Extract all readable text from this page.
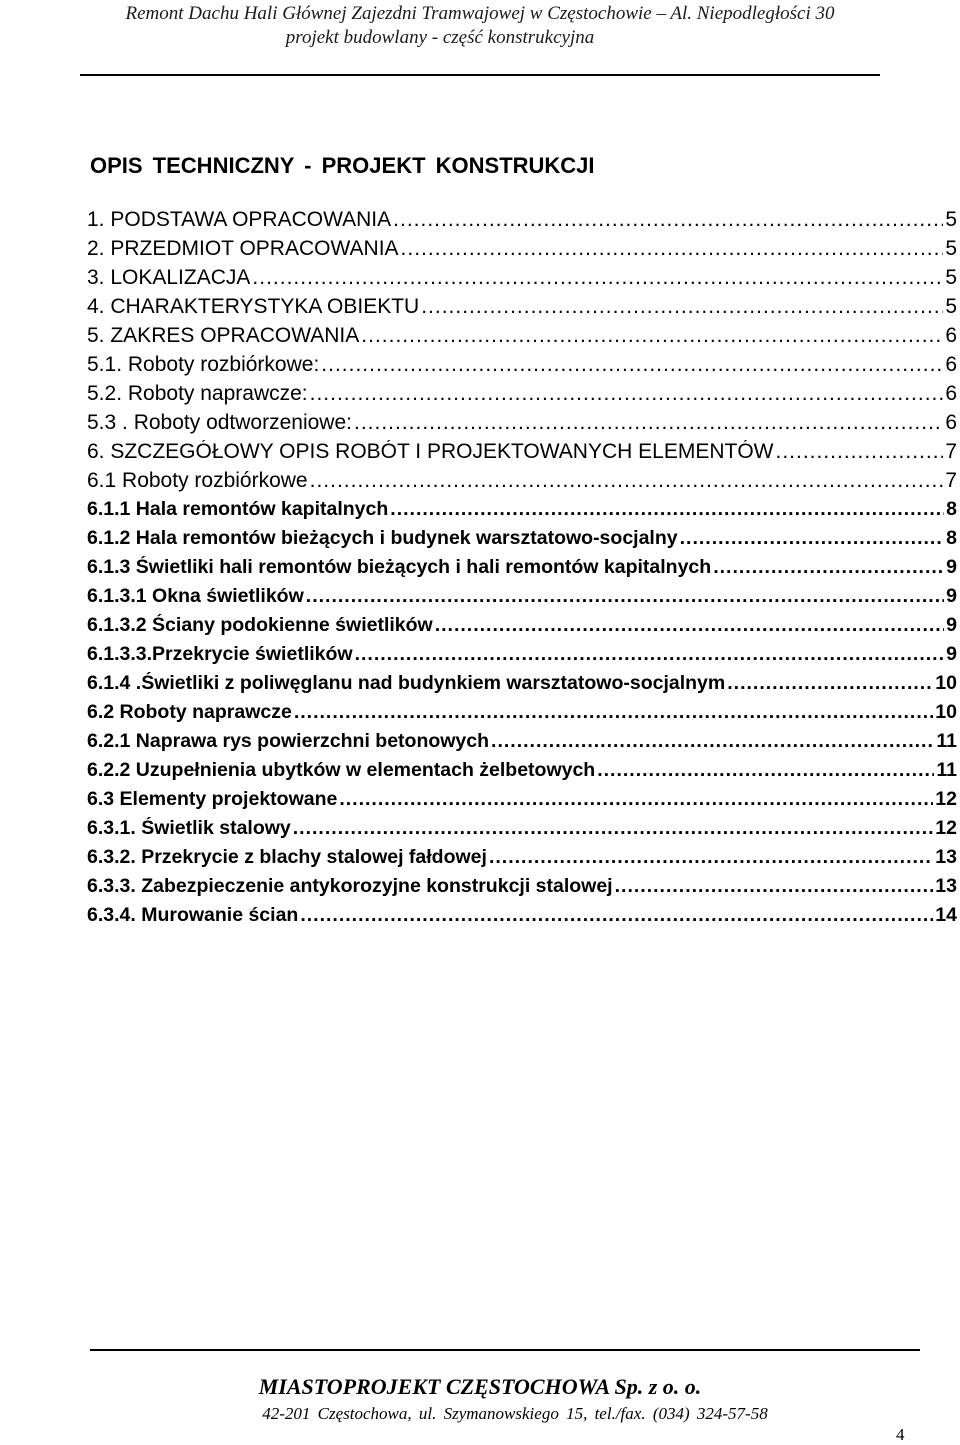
Remont Dachu Hali Głównej Zajezdni Tramwajowej w Częstochowie – Al. Niepodległości 30
projekt budowlany - część konstrukcyjna
OPIS TECHNICZNY - PROJEKT KONSTRUKCJI
1. PODSTAWA OPRACOWANIA .....	5
2. PRZEDMIOT OPRACOWANIA .....	5
3. LOKALIZACJA .....	5
4. CHARAKTERYSTYKA OBIEKTU .....	5
5. ZAKRES OPRACOWANIA .....	6
5.1. Roboty rozbiórkowe: .....	6
5.2. Roboty naprawcze: .....	6
5.3 . Roboty odtworzeniowe: .....	6
6. SZCZEGÓŁOWY OPIS ROBÓT I PROJEKTOWANYCH ELEMENTÓW .....	7
6.1 Roboty rozbiórkowe .....	7
6.1.1 Hala remontów kapitalnych .....	8
6.1.2 Hala remontów bieżących i budynek warsztatowo-socjalny .....	8
6.1.3 Świetliki hali remontów bieżących i hali remontów kapitalnych .....	9
6.1.3.1 Okna świetlików .....	9
6.1.3.2 Ściany podokienne świetlików .....	9
6.1.3.3.Przekrycie świetlików .....	9
6.1.4 .Świetliki z poliwęglanu nad budynkiem warsztatowo-socjalnym .....	10
6.2 Roboty naprawcze .....	10
6.2.1 Naprawa rys powierzchni betonowych .....	11
6.2.2 Uzupełnienia ubytków w elementach żelbetowych .....	11
6.3 Elementy projektowane .....	12
6.3.1. Świetlik stalowy .....	12
6.3.2. Przekrycie z blachy stalowej fałdowej .....	13
6.3.3. Zabezpieczenie antykorozyjne konstrukcji stalowej .....	13
6.3.4. Murowanie ścian .....	14
MIASTOPROJEKT CZĘSTOCHOWA Sp. z o. o.
42-201 Częstochowa, ul. Szymanowskiego 15, tel./fax. (034) 324-57-58
4
